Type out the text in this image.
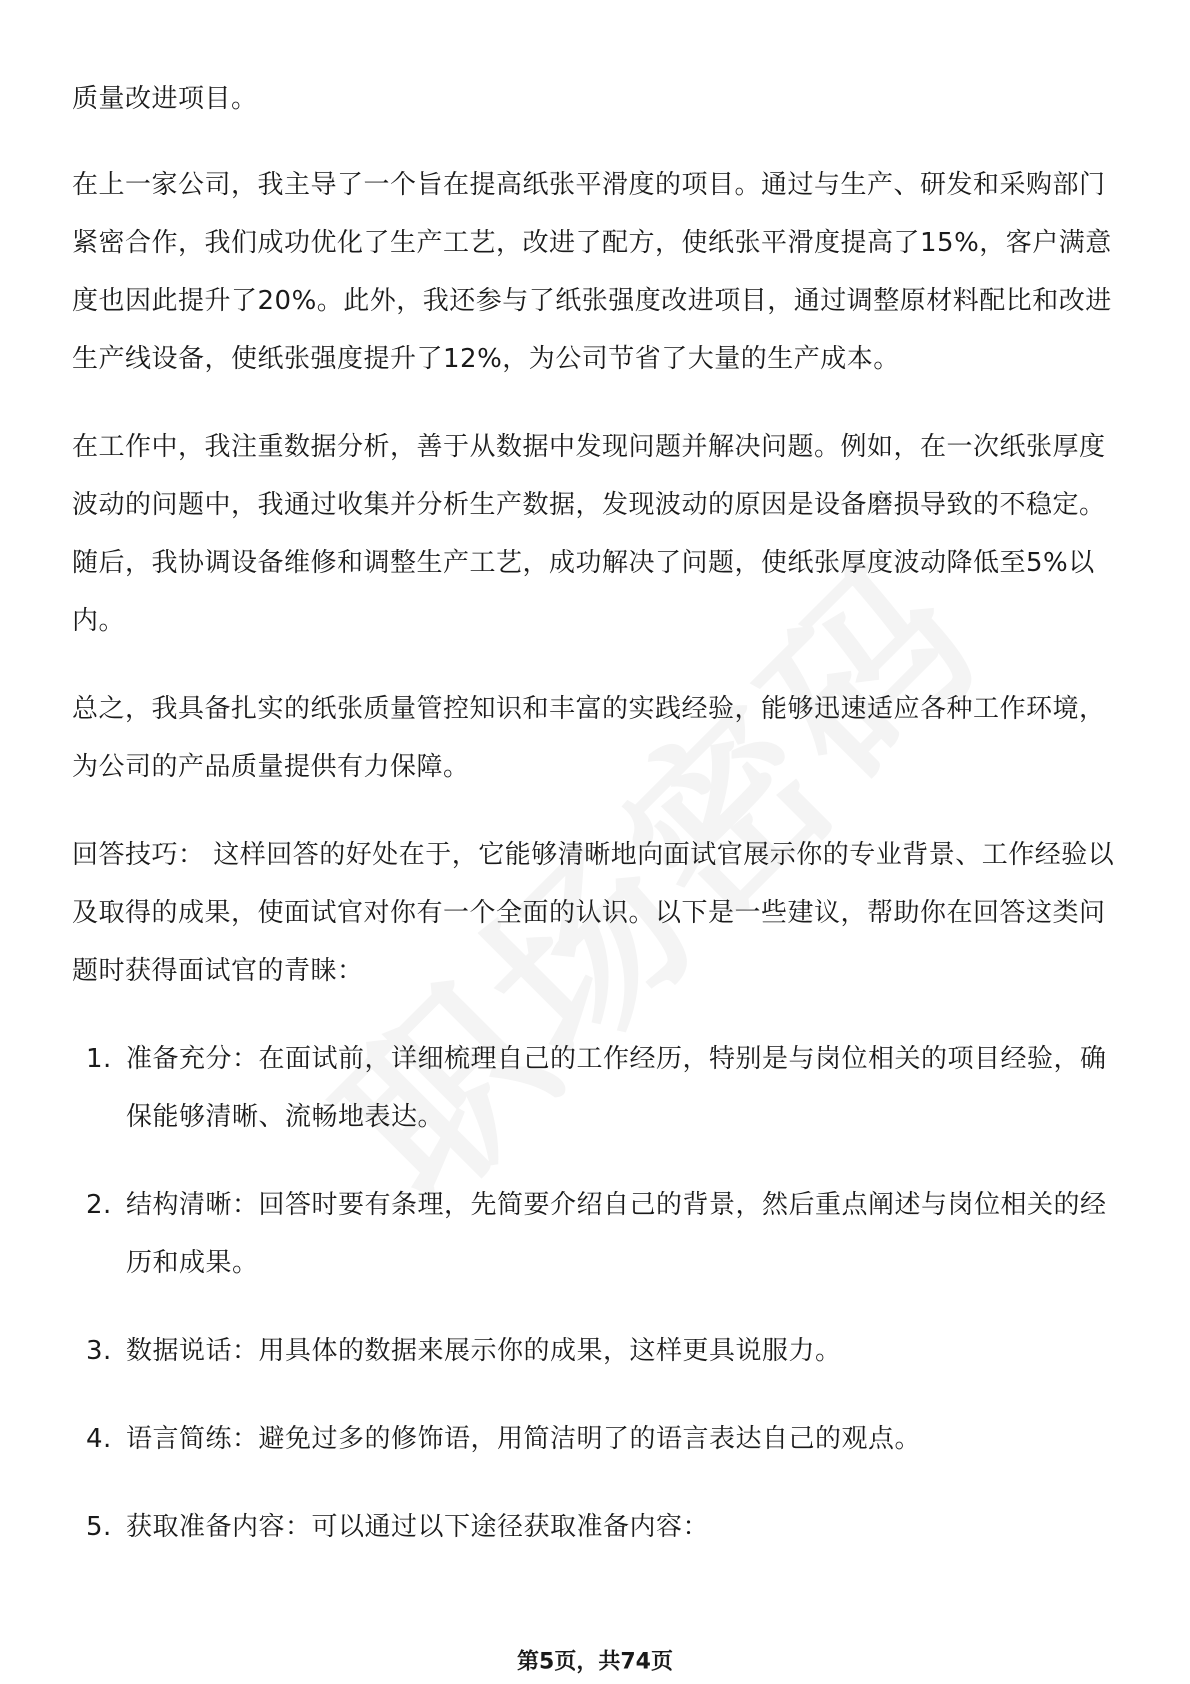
质量改进项目。

在上一家公司，我主导了一个旨在提高纸张平滑度的项目。通过与生产、研发和采购部门紧密合作，我们成功优化了生产工艺，改进了配方，使纸张平滑度提高了15%，客户满意度也因此提升了20%。此外，我还参与了纸张强度改进项目，通过调整原材料配比和改进生产线设备，使纸张强度提升了12%，为公司节省了大量的生产成本。

在工作中，我注重数据分析，善于从数据中发现问题并解决问题。例如，在一次纸张厚度波动的问题中，我通过收集并分析生产数据，发现波动的原因是设备磨损导致的不稳定。随后，我协调设备维修和调整生产工艺，成功解决了问题，使纸张厚度波动降低至5%以内。

总之，我具备扎实的纸张质量管控知识和丰富的实践经验，能够迅速适应各种工作环境，为公司的产品质量提供有力保障。

回答技巧： 这样回答的好处在于，它能够清晰地向面试官展示你的专业背景、工作经验以及取得的成果，使面试官对你有一个全面的认识。以下是一些建议，帮助你在回答这类问题时获得面试官的青睐：

1. 准备充分：在面试前，详细梳理自己的工作经历，特别是与岗位相关的项目经验，确保能够清晰、流畅地表达。
2. 结构清晰：回答时要有条理，先简要介绍自己的背景，然后重点阐述与岗位相关的经历和成果。
3. 数据说话：用具体的数据来展示你的成果，这样更具说服力。
4. 语言简练：避免过多的修饰语，用简洁明了的语言表达自己的观点。
5. 获取准备内容：可以通过以下途径获取准备内容：
第5页，共74页
